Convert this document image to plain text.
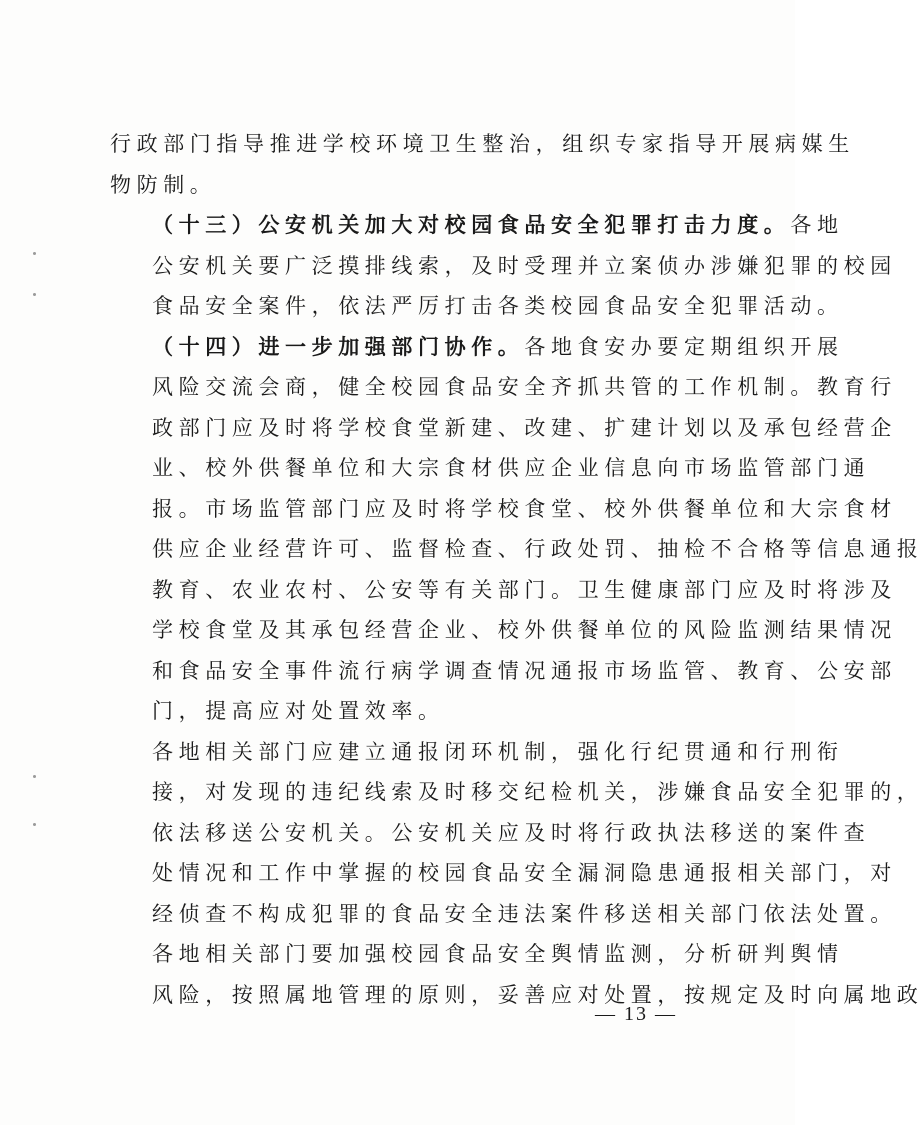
行政部门指导推进学校环境卫生整治，组织专家指导开展病媒生
物防制。

（十三）公安机关加大对校园食品安全犯罪打击力度。各地
公安机关要广泛摸排线索，及时受理并立案侦办涉嫌犯罪的校园
食品安全案件，依法严厉打击各类校园食品安全犯罪活动。

（十四）进一步加强部门协作。各地食安办要定期组织开展
风险交流会商，健全校园食品安全齐抓共管的工作机制。教育行
政部门应及时将学校食堂新建、改建、扩建计划以及承包经营企
业、校外供餐单位和大宗食材供应企业信息向市场监管部门通
报。市场监管部门应及时将学校食堂、校外供餐单位和大宗食材
供应企业经营许可、监督检查、行政处罚、抽检不合格等信息通报
教育、农业农村、公安等有关部门。卫生健康部门应及时将涉及
学校食堂及其承包经营企业、校外供餐单位的风险监测结果情况
和食品安全事件流行病学调查情况通报市场监管、教育、公安部
门，提高应对处置效率。

各地相关部门应建立通报闭环机制，强化行纪贯通和行刑衔
接，对发现的违纪线索及时移交纪检机关，涉嫌食品安全犯罪的，
依法移送公安机关。公安机关应及时将行政执法移送的案件查
处情况和工作中掌握的校园食品安全漏洞隐患通报相关部门，对
经侦查不构成犯罪的食品安全违法案件移送相关部门依法处置。

各地相关部门要加强校园食品安全舆情监测，分析研判舆情
风险，按照属地管理的原则，妥善应对处置，按规定及时向属地政

— 13 —
